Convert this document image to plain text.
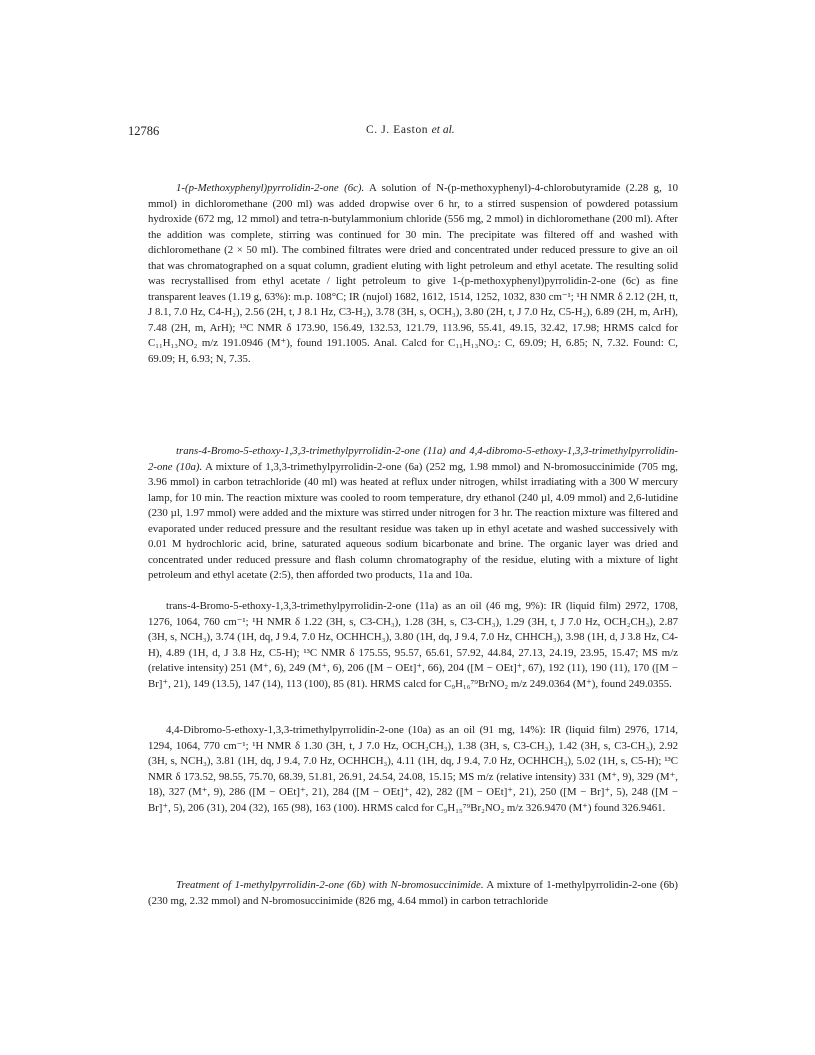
12786	C. J. Easton et al.

1-(p-Methoxyphenyl)pyrrolidin-2-one (6c). A solution of N-(p-methoxyphenyl)-4-chlorobutyramide (2.28 g, 10 mmol) in dichloromethane (200 ml) was added dropwise over 6 hr, to a stirred suspension of powdered potassium hydroxide (672 mg, 12 mmol) and tetra-n-butylammonium chloride (556 mg, 2 mmol) in dichloromethane (200 ml). After the addition was complete, stirring was continued for 30 min. The precipitate was filtered off and washed with dichloromethane (2 × 50 ml). The combined filtrates were dried and concentrated under reduced pressure to give an oil that was chromatographed on a squat column, gradient eluting with light petroleum and ethyl acetate. The resulting solid was recrystallised from ethyl acetate / light petroleum to give 1-(p-methoxyphenyl)pyrrolidin-2-one (6c) as fine transparent leaves (1.19 g, 63%): m.p. 108°C; IR (nujol) 1682, 1612, 1514, 1252, 1032, 830 cm⁻¹; ¹H NMR δ 2.12 (2H, tt, J 8.1, 7.0 Hz, C4-H₂), 2.56 (2H, t, J 8.1 Hz, C3-H₂), 3.78 (3H, s, OCH₃), 3.80 (2H, t, J 7.0 Hz, C5-H₂), 6.89 (2H, m, ArH), 7.48 (2H, m, ArH); ¹³C NMR δ 173.90, 156.49, 132.53, 121.79, 113.96, 55.41, 49.15, 32.42, 17.98; HRMS calcd for C₁₁H₁₃NO₂ m/z 191.0946 (M⁺), found 191.1005. Anal. Calcd for C₁₁H₁₃NO₂: C, 69.09; H, 6.85; N, 7.32. Found: C, 69.09; H, 6.93; N, 7.35.

trans-4-Bromo-5-ethoxy-1,3,3-trimethylpyrrolidin-2-one (11a) and 4,4-dibromo-5-ethoxy-1,3,3-trimethylpyrrolidin-2-one (10a). A mixture of 1,3,3-trimethylpyrrolidin-2-one (6a) (252 mg, 1.98 mmol) and N-bromosuccinimide (705 mg, 3.96 mmol) in carbon tetrachloride (40 ml) was heated at reflux under nitrogen, whilst irradiating with a 300 W mercury lamp, for 10 min. The reaction mixture was cooled to room temperature, dry ethanol (240 µl, 4.09 mmol) and 2,6-lutidine (230 µl, 1.97 mmol) were added and the mixture was stirred under nitrogen for 3 hr. The reaction mixture was filtered and evaporated under reduced pressure and the resultant residue was taken up in ethyl acetate and washed successively with 0.01 M hydrochloric acid, brine, saturated aqueous sodium bicarbonate and brine. The organic layer was dried and concentrated under reduced pressure and flash column chromatography of the residue, eluting with a mixture of light petroleum and ethyl acetate (2:5), then afforded two products, 11a and 10a.

trans-4-Bromo-5-ethoxy-1,3,3-trimethylpyrrolidin-2-one (11a) as an oil (46 mg, 9%): IR (liquid film) 2972, 1708, 1276, 1064, 760 cm⁻¹; ¹H NMR δ 1.22 (3H, s, C3-CH₃), 1.28 (3H, s, C3-CH₃), 1.29 (3H, t, J 7.0 Hz, OCH₂CH₃), 2.87 (3H, s, NCH₃), 3.74 (1H, dq, J 9.4, 7.0 Hz, OCHHCH₃), 3.80 (1H, dq, J 9.4, 7.0 Hz, CHHCH₃), 3.98 (1H, d, J 3.8 Hz, C4-H), 4.89 (1H, d, J 3.8 Hz, C5-H); ¹³C NMR δ 175.55, 95.57, 65.61, 57.92, 44.84, 27.13, 24.19, 23.95, 15.47; MS m/z (relative intensity) 251 (M⁺, 6), 249 (M⁺, 6), 206 ([M − OEt]⁺, 66), 204 ([M − OEt]⁺, 67), 192 (11), 190 (11), 170 ([M − Br]⁺, 21), 149 (13.5), 147 (14), 113 (100), 85 (81). HRMS calcd for C₉H₁₆⁷⁹BrNO₂ m/z 249.0364 (M⁺), found 249.0355.

4,4-Dibromo-5-ethoxy-1,3,3-trimethylpyrrolidin-2-one (10a) as an oil (91 mg, 14%): IR (liquid film) 2976, 1714, 1294, 1064, 770 cm⁻¹; ¹H NMR δ 1.30 (3H, t, J 7.0 Hz, OCH₂CH₃), 1.38 (3H, s, C3-CH₃), 1.42 (3H, s, C3-CH₃), 2.92 (3H, s, NCH₃), 3.81 (1H, dq, J 9.4, 7.0 Hz, OCHHCH₃), 4.11 (1H, dq, J 9.4, 7.0 Hz, OCHHCH₃), 5.02 (1H, s, C5-H); ¹³C NMR δ 173.52, 98.55, 75.70, 68.39, 51.81, 26.91, 24.54, 24.08, 15.15; MS m/z (relative intensity) 331 (M⁺, 9), 329 (M⁺, 18), 327 (M⁺, 9), 286 ([M − OEt]⁺, 21), 284 ([M − OEt]⁺, 42), 282 ([M − OEt]⁺, 21), 250 ([M − Br]⁺, 5), 248 ([M − Br]⁺, 5), 206 (31), 204 (32), 165 (98), 163 (100). HRMS calcd for C₉H₁₅⁷⁹Br₂NO₂ m/z 326.9470 (M⁺) found 326.9461.

Treatment of 1-methylpyrrolidin-2-one (6b) with N-bromosuccinimide. A mixture of 1-methylpyrrolidin-2-one (6b) (230 mg, 2.32 mmol) and N-bromosuccinimide (826 mg, 4.64 mmol) in carbon tetrachloride
